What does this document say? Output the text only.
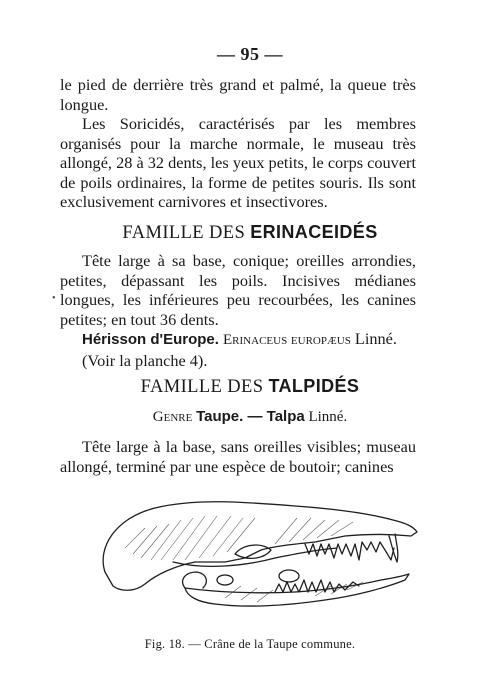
— 95 —

le pied de derrière très grand et palmé, la queue très

longue.

Les Soricidés, caractérisés par les membres organisés pour la marche normale, le museau très allongé, 28 à 32 dents, les yeux petits, le corps couvert de poils ordinaires, la forme de petites souris. Ils sont exclusivement carnivores et insectivores.

FAMILLE DES ERINACEIDÉS

Tête large à sa base, conique; oreilles arrondies, petites, dépassant les poils. Incisives médianes longues, les inférieures peu recourbées, les canines petites; en tout 36 dents.

Hérisson d'Europe. Erinaceus europæus Linné.

(Voir la planche 4).

•
FAMILLE DES TALPIDÉS
Genre Taupe. — Talpa Linné.

Tête large à la base, sans oreilles visibles; museau allongé, terminé par une espèce de boutoir; canines

Fig. 18. — Crâne de la Taupe commune.
